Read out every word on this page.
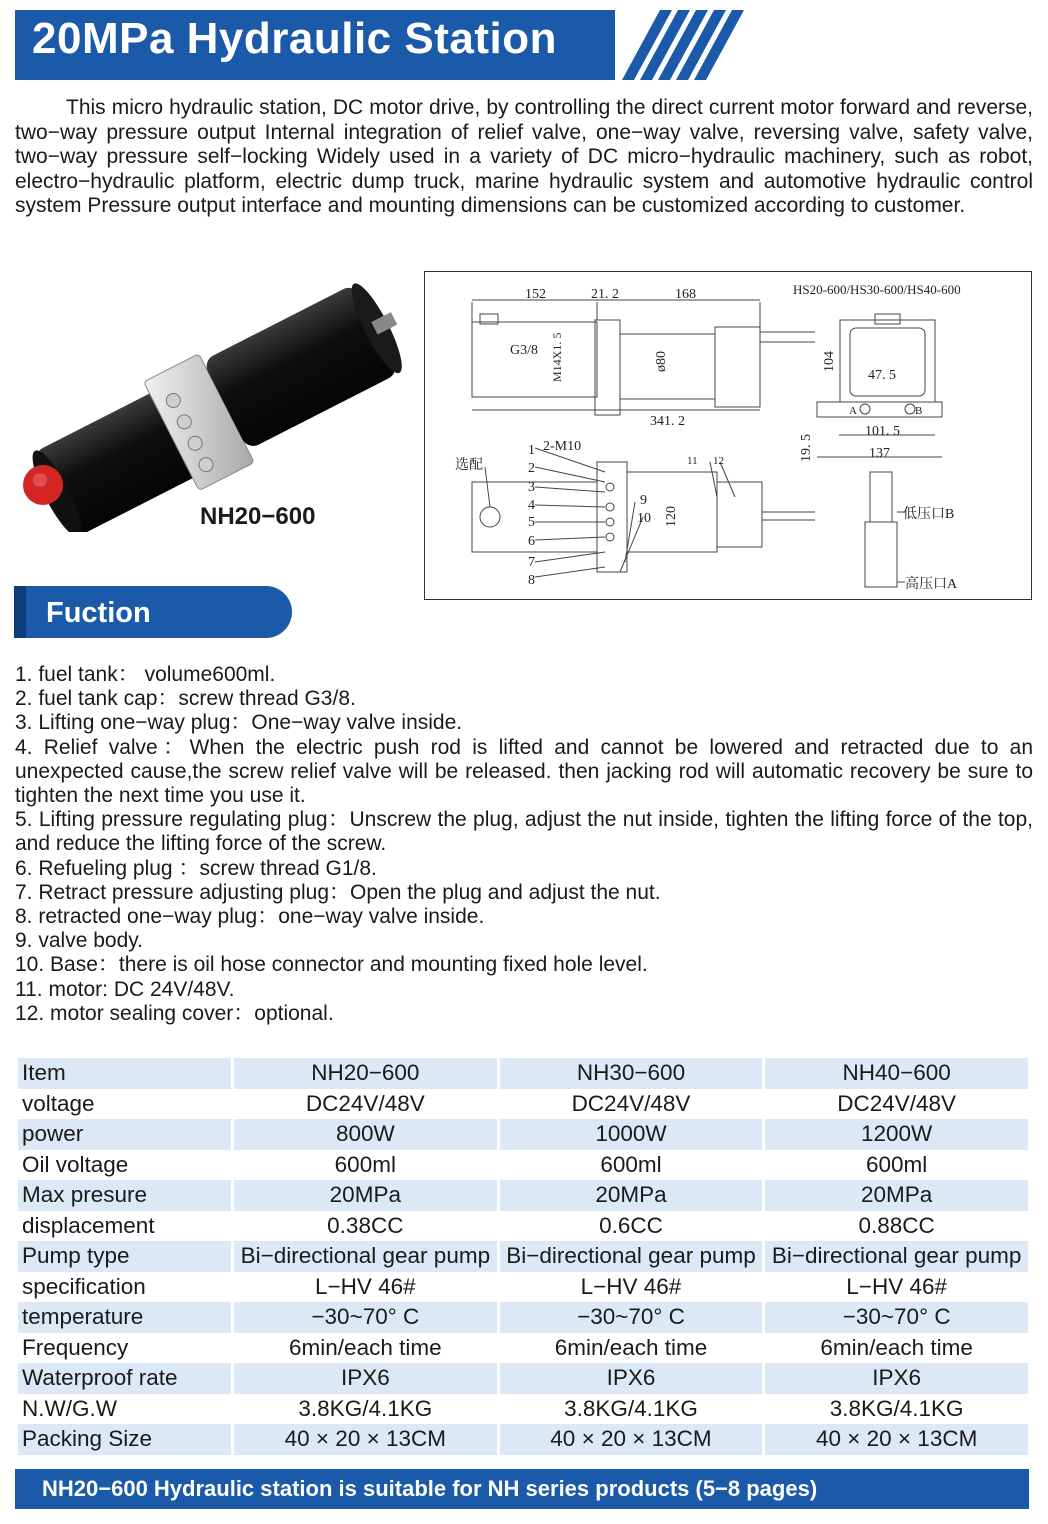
20MPa Hydraulic Station
This micro hydraulic station, DC motor drive, by controlling the direct current motor forward and reverse, two−way pressure output Internal integration of relief valve, one−way valve, reversing valve, safety valve, two−way pressure self−locking Widely used in a variety of DC micro−hydraulic machinery, such as robot, electro−hydraulic platform, electric dump truck, marine hydraulic system and automotive hydraulic control system Pressure output interface and mounting dimensions can be customized according to customer.
NH20−600
152	21. 2	168	HS20-600/HS30-600/HS40-600
G3/8 M14X1. 5	ø80
341. 2
104
47. 5
A	B
101. 5
137
19. 5
2-M10
选配
120
1
2
3
4
5
6
7
8
9
10
11 12
低压口B
高压口A
Fuction
1. fuel tank： volume600ml.
2. fuel tank cap：screw thread G3/8.
3. Lifting one−way plug：One−way valve inside.
4. Relief valve：When the electric push rod is lifted and cannot be lowered and retracted due to an unexpected cause,the screw relief valve will be released. then jacking rod will automatic recovery be sure to tighten the next time you use it.
5. Lifting pressure regulating plug：Unscrew the plug, adjust the nut inside, tighten the lifting force of the top, and reduce the lifting force of the screw.
6. Refueling plug ：screw thread G1/8.
7. Retract pressure adjusting plug：Open the plug and adjust the nut.
8. retracted one−way plug：one−way valve inside.
9. valve body.
10. Base：there is oil hose connector and mounting fixed hole level.
11. motor: DC 24V/48V.
12. motor sealing cover：optional.
Item	NH20−600	NH30−600	NH40−600
voltage	DC24V/48V	DC24V/48V	DC24V/48V
power	800W	1000W	1200W
Oil voltage	600ml	600ml	600ml
Max presure	20MPa	20MPa	20MPa
displacement	0.38CC	0.6CC	0.88CC
Pump type	Bi−directional gear pump	Bi−directional gear pump	Bi−directional gear pump
specification	L−HV 46#	L−HV 46#	L−HV 46#
temperature	−30~70° C	−30~70° C	−30~70° C
Frequency	6min/each time	6min/each time	6min/each time
Waterproof rate	IPX6	IPX6	IPX6
N.W/G.W	3.8KG/4.1KG	3.8KG/4.1KG	3.8KG/4.1KG
Packing Size	40 × 20 × 13CM	40 × 20 × 13CM	40 × 20 × 13CM
NH20−600 Hydraulic station is suitable for NH series products (5−8 pages)
